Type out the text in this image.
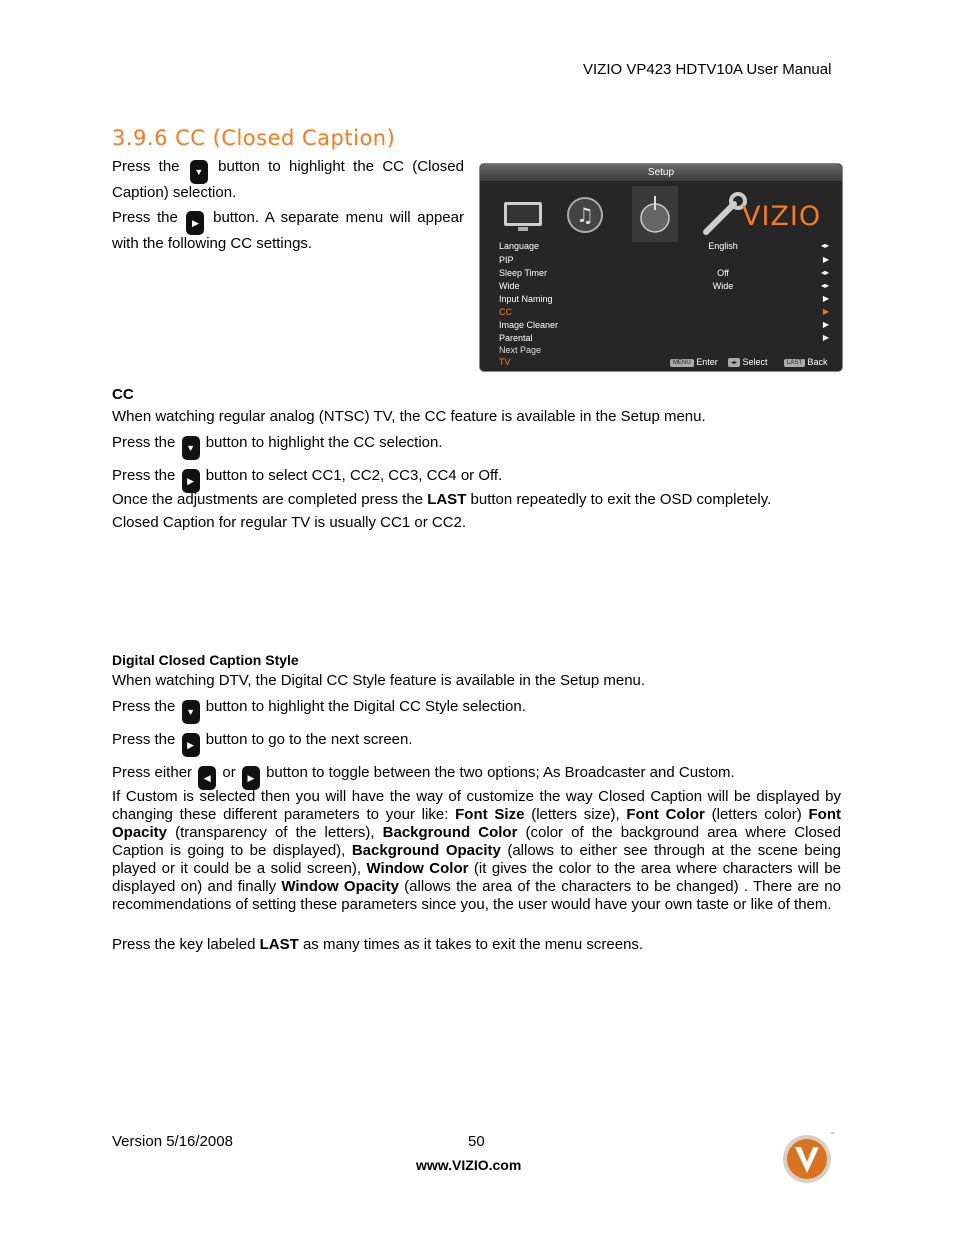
VIZIO VP423 HDTV10A User Manual
3.9.6 CC (Closed Caption)
Press the ▼ button to highlight the CC (Closed Caption) selection.
Press the ▶ button. A separate menu will appear with the following CC settings.
Setup
♫	VIZIO
Language	English	◂▸
PIP	▶
Sleep Timer	Off	◂▸
Wide	Wide	◂▸
Input Naming	▶
CC	▶
Image Cleaner	▶
Parental	▶
Next Page
TV	MENU Enter	◂▸ Select	LAST Back
CC
When watching regular analog (NTSC) TV, the CC feature is available in the Setup menu.
Press the ▼ button to highlight the CC selection.
Press the ▶ button to select CC1, CC2, CC3, CC4 or Off.
Once the adjustments are completed press the LAST button repeatedly to exit the OSD completely.
Closed Caption for regular TV is usually CC1 or CC2.
Digital Closed Caption Style
When watching DTV, the Digital CC Style feature is available in the Setup menu.
Press the ▼ button to highlight the Digital CC Style selection.
Press the ▶ button to go to the next screen.
Press either ◀ or ▶ button to toggle between the two options; As Broadcaster and Custom.
If Custom is selected then you will have the way of customize the way Closed Caption will be displayed by changing these different parameters to your like: Font Size (letters size), Font Color (letters color) Font Opacity (transparency of the letters), Background Color (color of the background area where Closed Caption is going to be displayed), Background Opacity (allows to either see through at the scene being played or it could be a solid screen), Window Color (it gives the color to the area where characters will be displayed on) and finally Window Opacity (allows the area of the characters to be changed) . There are no recommendations of setting these parameters since you, the user would have your own taste or like of them.
Press the key labeled LAST as many times as it takes to exit the menu screens.
Version 5/16/2008	50
www.VIZIO.com
™
